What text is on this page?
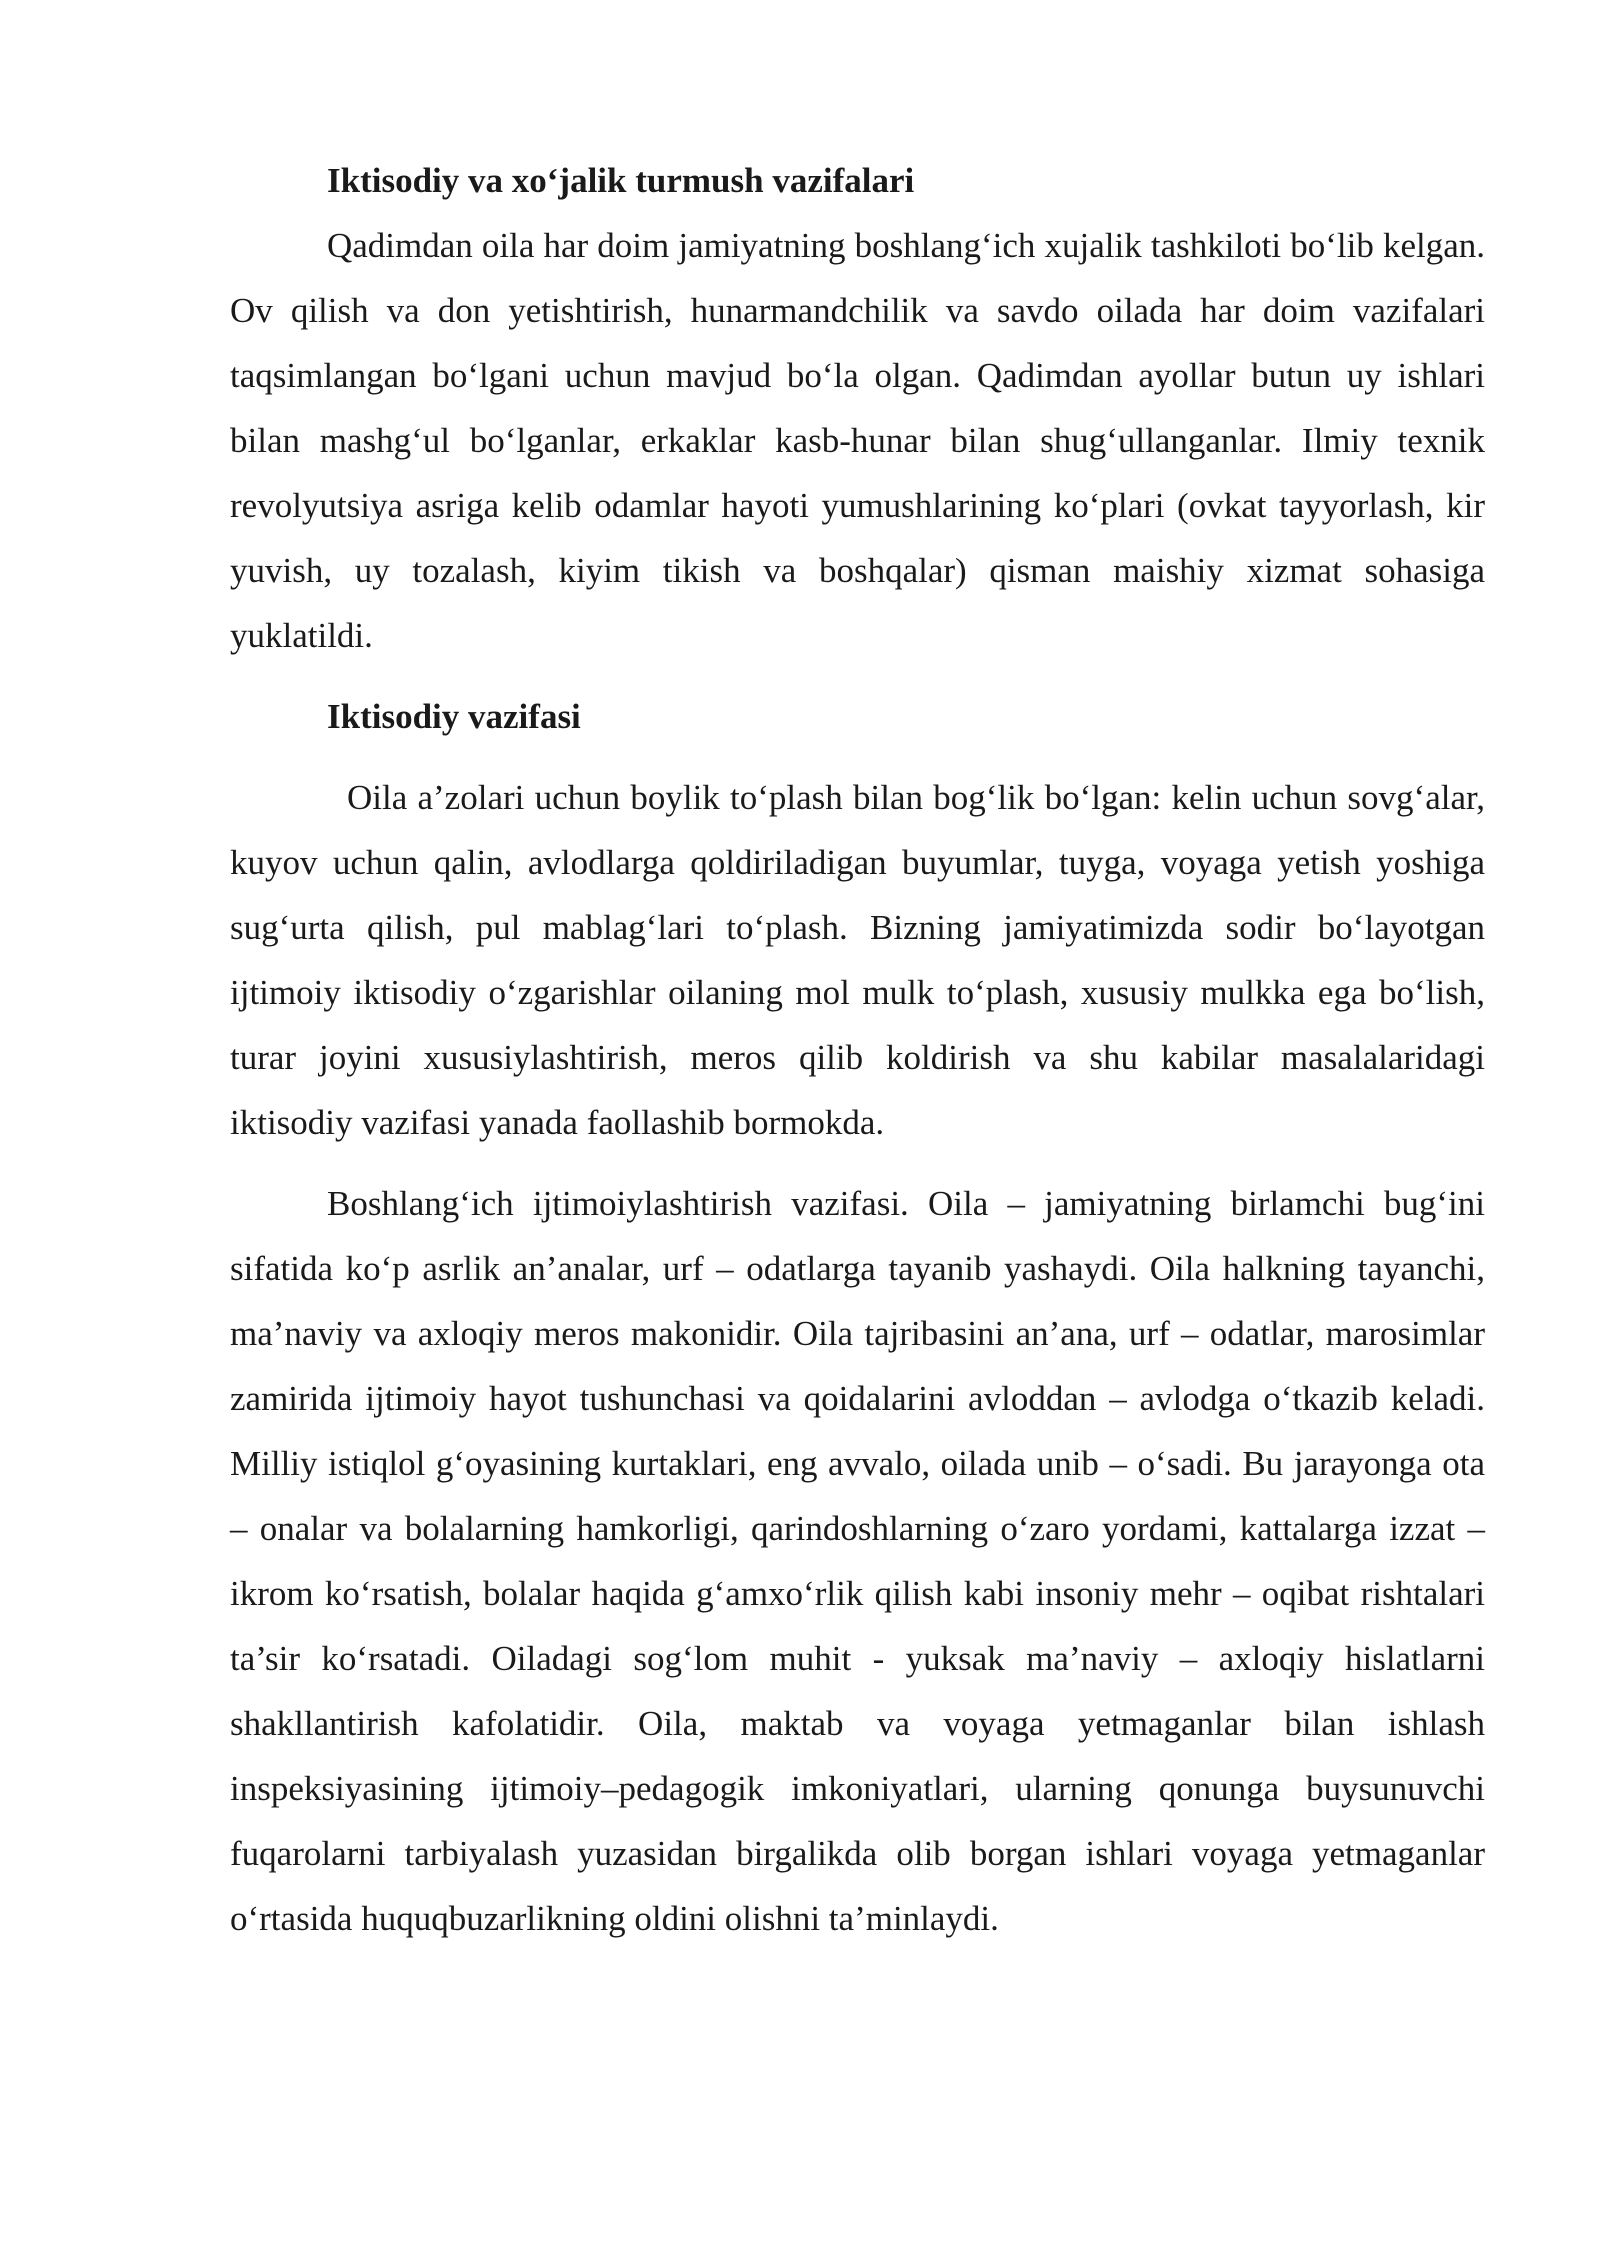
Iktisodiy va xo‘jalik turmush vazifalari

Qadimdan oila har doim jamiyatning boshlang‘ich xujalik tashkiloti bo‘lib kelgan. Ov qilish va don yetishtirish, hunarmandchilik va savdo oilada har doim vazifalari taqsimlangan bo‘lgani uchun mavjud bo‘la olgan. Qadimdan ayollar butun uy ishlari bilan mashg‘ul bo‘lganlar, erkaklar kasb-hunar bilan shug‘ullanganlar. Ilmiy texnik revolyutsiya asriga kelib odamlar hayoti yumushlarining ko‘plari (ovkat tayyorlash, kir yuvish, uy tozalash, kiyim tikish va boshqalar) qisman maishiy xizmat sohasiga yuklatildi.

Iktisodiy vazifasi

Oila a’zolari uchun boylik to‘plash bilan bog‘lik bo‘lgan: kelin uchun sovg‘alar, kuyov uchun qalin, avlodlarga qoldiriladigan buyumlar, tuyga, voyaga yetish yoshiga sug‘urta qilish, pul mablag‘lari to‘plash. Bizning jamiyatimizda sodir bo‘layotgan ijtimoiy iktisodiy o‘zgarishlar oilaning mol mulk to‘plash, xususiy mulkka ega bo‘lish, turar joyini xususiylashtirish, meros qilib koldirish va shu kabilar masalalaridagi iktisodiy vazifasi yanada faollashib bormokda.

Boshlang‘ich ijtimoiylashtirish vazifasi. Oila – jamiyatning birlamchi bug‘ini sifatida ko‘p asrlik an’analar, urf – odatlarga tayanib yashaydi. Oila halkning tayanchi, ma’naviy va axloqiy meros makonidir. Oila tajribasini an’ana, urf – odatlar, marosimlar zamirida ijtimoiy hayot tushunchasi va qoidalarini avloddan – avlodga o‘tkazib keladi. Milliy istiqlol g‘oyasining kurtaklari, eng avvalo, oilada unib – o‘sadi. Bu jarayonga ota – onalar va bolalarning hamkorligi, qarindoshlarning o‘zaro yordami, kattalarga izzat – ikrom ko‘rsatish, bolalar haqida g‘amxo‘rlik qilish kabi insoniy mehr – oqibat rishtalari ta’sir ko‘rsatadi. Oiladagi sog‘lom muhit - yuksak ma’naviy – axloqiy hislatlarni shakllantirish kafolatidir. Oila, maktab va voyaga yetmaganlar bilan ishlash inspeksiyasining ijtimoiy–pedagogik imkoniyatlari, ularning qonunga buysunuvchi fuqarolarni tarbiyalash yuzasidan birgalikda olib borgan ishlari voyaga yetmaganlar o‘rtasida huquqbuzarlikning oldini olishni ta’minlaydi.
